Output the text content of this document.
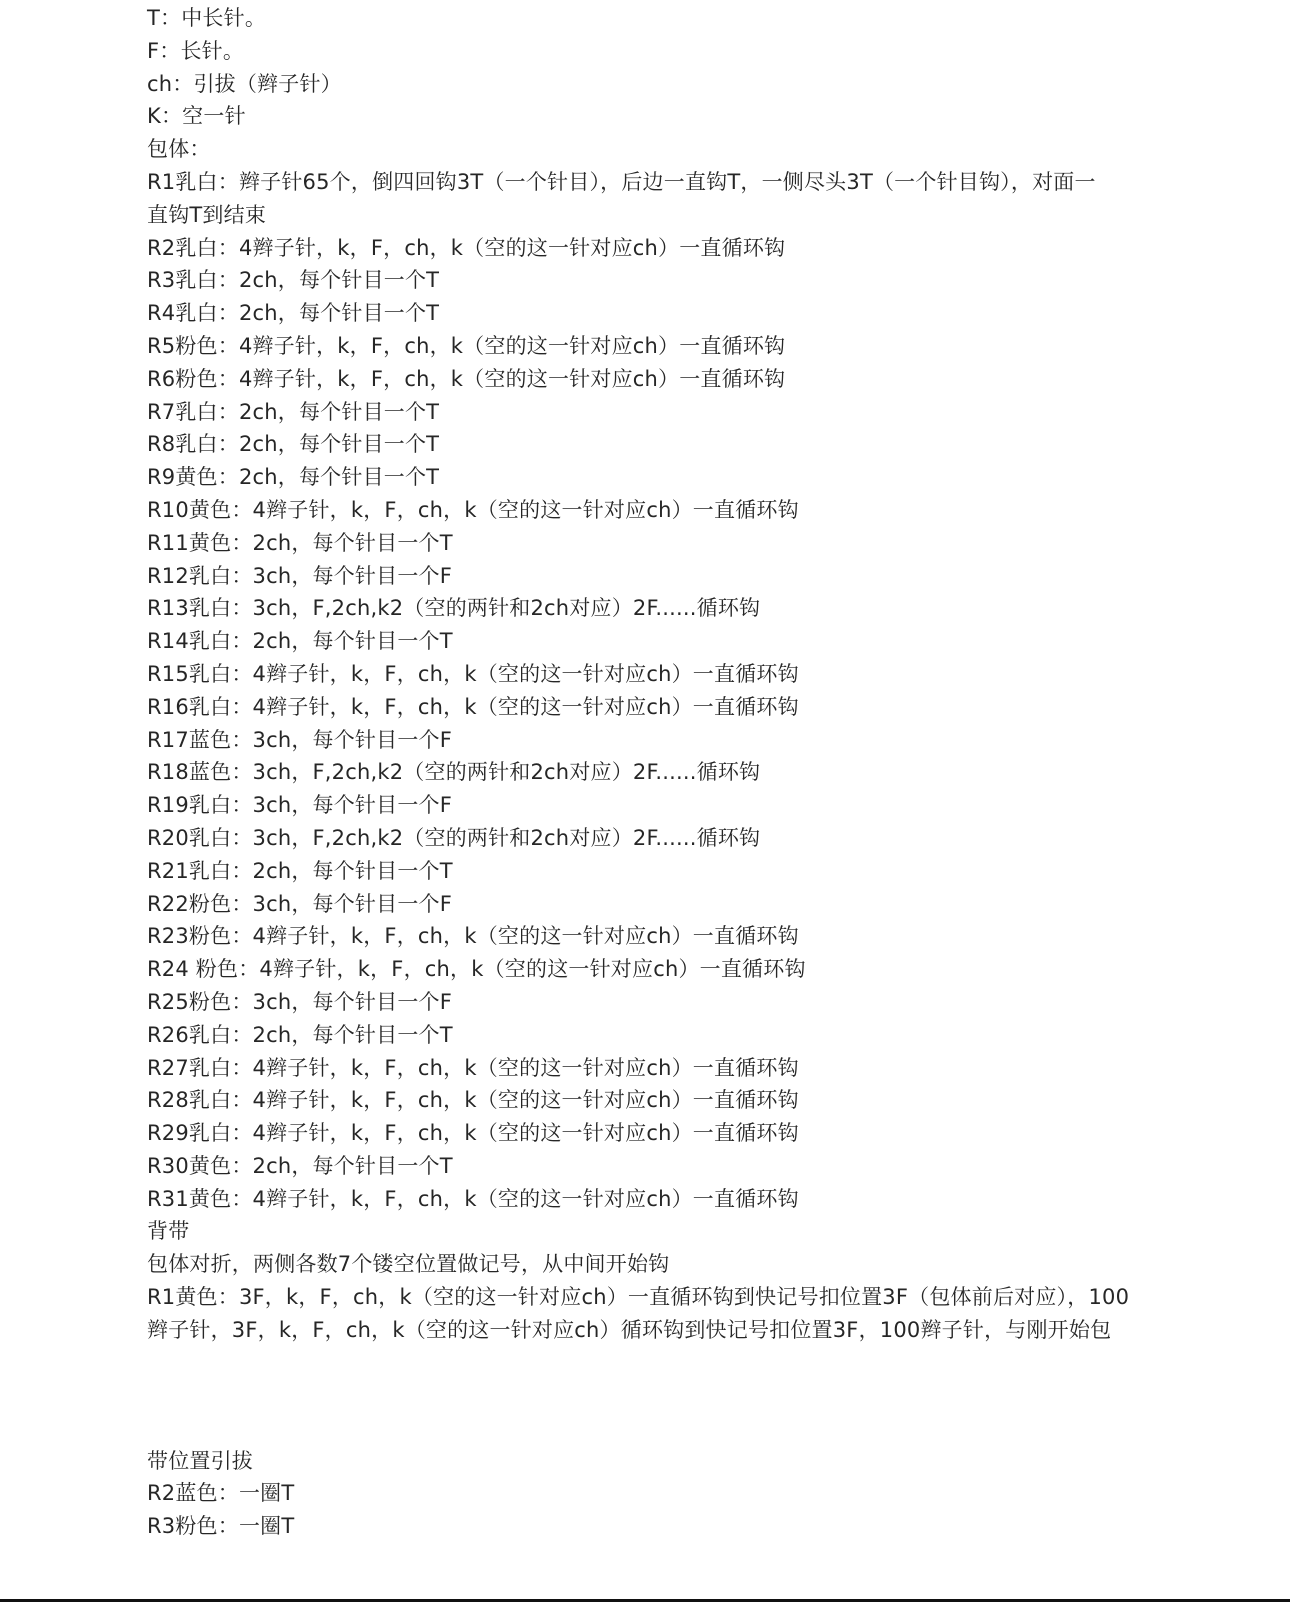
T：中长针。
F：长针。
ch：引拔（辫子针）
K：空一针
包体：
R1乳白：辫子针65个，倒四回钩3T（一个针目），后边一直钩T，一侧尽头3T（一个针目钩），对面一
直钩T到结束
R2乳白：4辫子针，k，F，ch，k（空的这一针对应ch）一直循环钩
R3乳白：2ch，每个针目一个T
R4乳白：2ch，每个针目一个T
R5粉色：4辫子针，k，F，ch，k（空的这一针对应ch）一直循环钩
R6粉色：4辫子针，k，F，ch，k（空的这一针对应ch）一直循环钩
R7乳白：2ch，每个针目一个T
R8乳白：2ch，每个针目一个T
R9黄色：2ch，每个针目一个T
R10黄色：4辫子针，k，F，ch，k（空的这一针对应ch）一直循环钩
R11黄色：2ch，每个针目一个T
R12乳白：3ch，每个针目一个F
R13乳白：3ch，F,2ch,k2（空的两针和2ch对应）2F......循环钩
R14乳白：2ch，每个针目一个T
R15乳白：4辫子针，k，F，ch，k（空的这一针对应ch）一直循环钩
R16乳白：4辫子针，k，F，ch，k（空的这一针对应ch）一直循环钩
R17蓝色：3ch，每个针目一个F
R18蓝色：3ch，F,2ch,k2（空的两针和2ch对应）2F......循环钩
R19乳白：3ch，每个针目一个F
R20乳白：3ch，F,2ch,k2（空的两针和2ch对应）2F......循环钩
R21乳白：2ch，每个针目一个T
R22粉色：3ch，每个针目一个F
R23粉色：4辫子针，k，F，ch，k（空的这一针对应ch）一直循环钩
R24 粉色：4辫子针，k，F，ch，k（空的这一针对应ch）一直循环钩
R25粉色：3ch，每个针目一个F
R26乳白：2ch，每个针目一个T
R27乳白：4辫子针，k，F，ch，k（空的这一针对应ch）一直循环钩
R28乳白：4辫子针，k，F，ch，k（空的这一针对应ch）一直循环钩
R29乳白：4辫子针，k，F，ch，k（空的这一针对应ch）一直循环钩
R30黄色：2ch，每个针目一个T
R31黄色：4辫子针，k，F，ch，k（空的这一针对应ch）一直循环钩
背带
包体对折，两侧各数7个镂空位置做记号，从中间开始钩
R1黄色：3F，k，F，ch，k（空的这一针对应ch）一直循环钩到快记号扣位置3F（包体前后对应），100
辫子针，3F，k，F，ch，k（空的这一针对应ch）循环钩到快记号扣位置3F，100辫子针，与刚开始包
带位置引拔
R2蓝色：一圈T
R3粉色：一圈T
